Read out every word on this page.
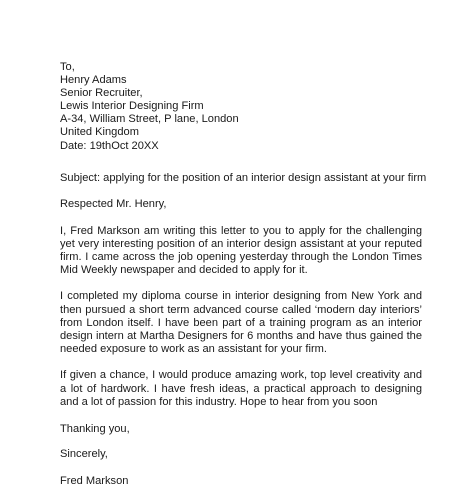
To,
Henry Adams
Senior Recruiter,
Lewis Interior Designing Firm
A-34, William Street, P lane, London
United Kingdom
Date: 19thOct 20XX
Subject: applying for the position of an interior design assistant at your firm
Respected Mr. Henry,
I, Fred Markson am writing this letter to you to apply for the challenging yet very interesting position of an interior design assistant at your reputed firm. I came across the job opening yesterday through the London Times Mid Weekly newspaper and decided to apply for it.
I completed my diploma course in interior designing from New York and then pursued a short term advanced course called ‘modern day interiors’ from London itself. I have been part of a training program as an interior design intern at Martha Designers for 6 months and have thus gained the needed exposure to work as an assistant for your firm.
If given a chance, I would produce amazing work, top level creativity and a lot of hardwork. I have fresh ideas, a practical approach to designing and a lot of passion for this industry. Hope to hear from you soon
Thanking you,
Sincerely,
Fred Markson
